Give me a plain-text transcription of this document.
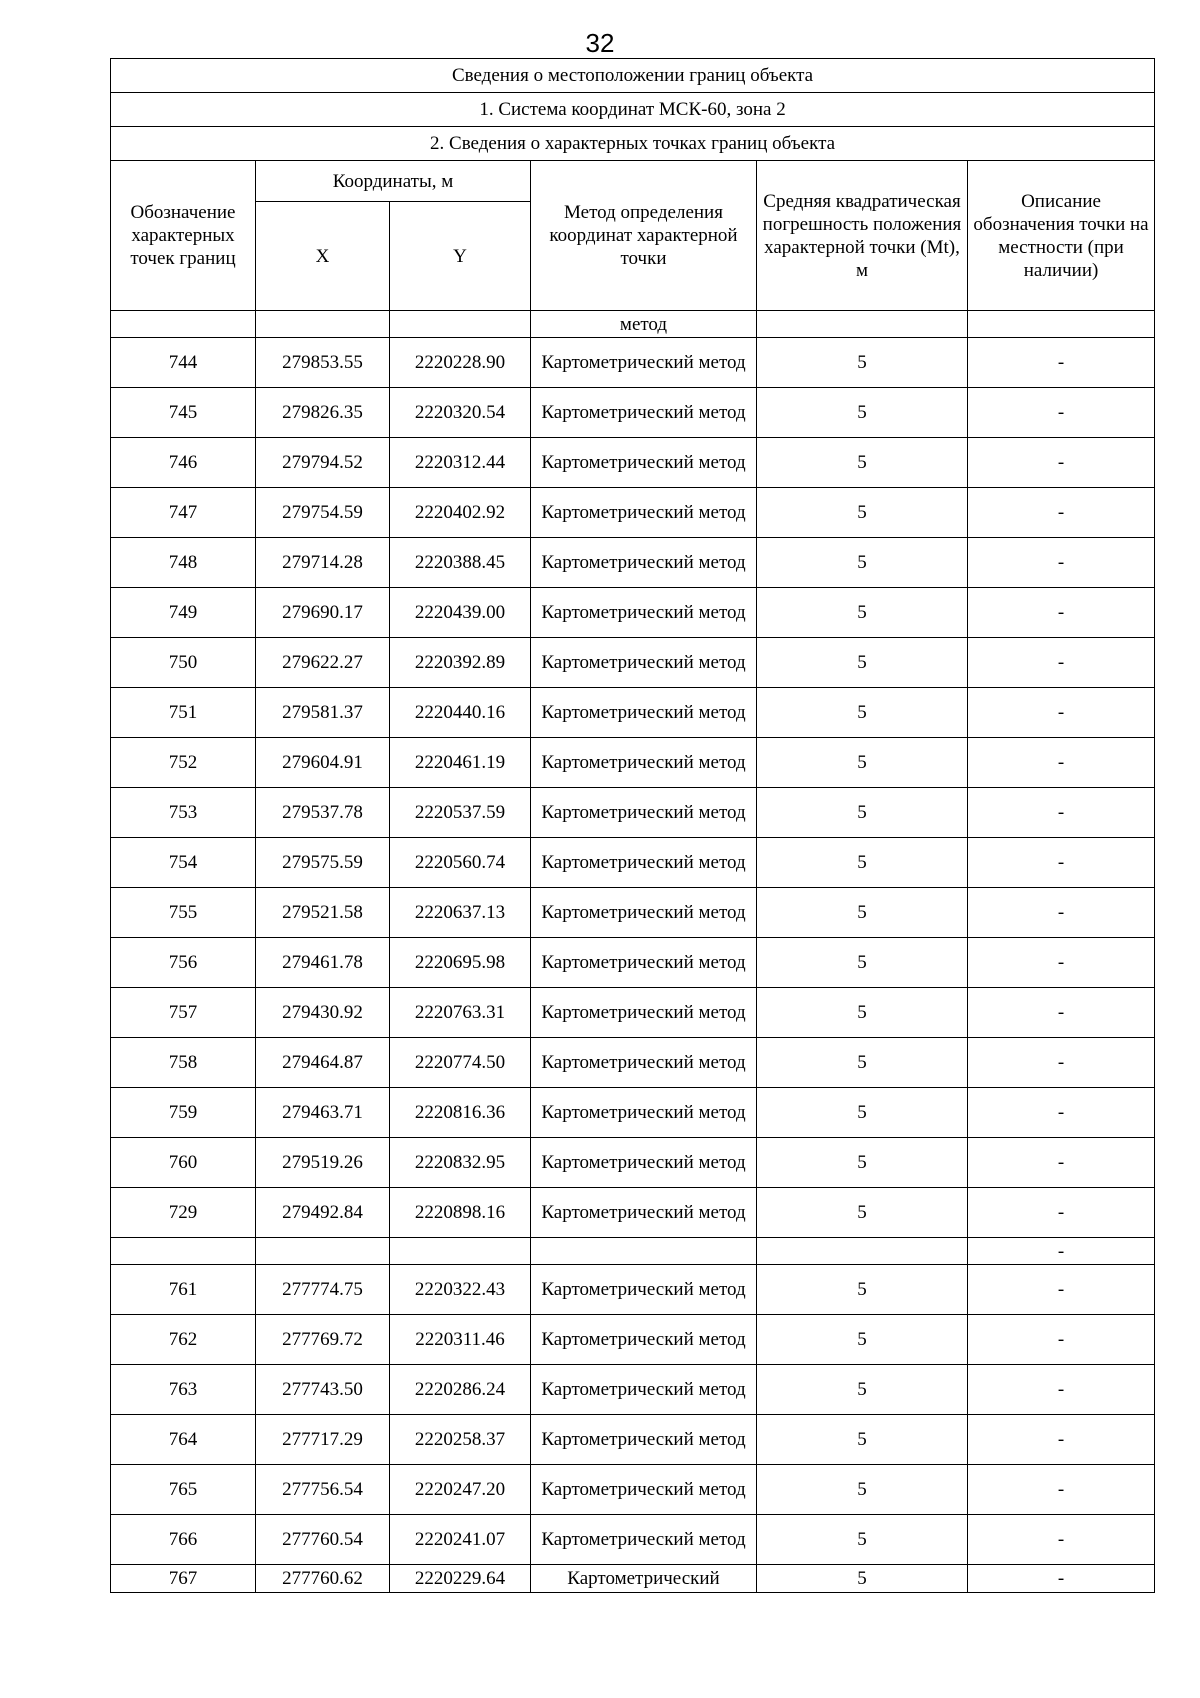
32
Сведения о местоположении границ объекта					
1. Система координат МСК-60, зона 2					
2. Сведения о характерных точках границ объекта					
Обозначение характерных точек границ	Координаты, м		Метод определения координат характерной точки	Средняя квадратическая погрешность положения характерной точки (Mt), м	Описание обозначения точки на местности (при наличии)
	X	Y			
			метод		
744	279853.55	2220228.90	Картометрический метод	5	-
745	279826.35	2220320.54	Картометрический метод	5	-
746	279794.52	2220312.44	Картометрический метод	5	-
747	279754.59	2220402.92	Картометрический метод	5	-
748	279714.28	2220388.45	Картометрический метод	5	-
749	279690.17	2220439.00	Картометрический метод	5	-
750	279622.27	2220392.89	Картометрический метод	5	-
751	279581.37	2220440.16	Картометрический метод	5	-
752	279604.91	2220461.19	Картометрический метод	5	-
753	279537.78	2220537.59	Картометрический метод	5	-
754	279575.59	2220560.74	Картометрический метод	5	-
755	279521.58	2220637.13	Картометрический метод	5	-
756	279461.78	2220695.98	Картометрический метод	5	-
757	279430.92	2220763.31	Картометрический метод	5	-
758	279464.87	2220774.50	Картометрический метод	5	-
759	279463.71	2220816.36	Картометрический метод	5	-
760	279519.26	2220832.95	Картометрический метод	5	-
729	279492.84	2220898.16	Картометрический метод	5	-
					-
761	277774.75	2220322.43	Картометрический метод	5	-
762	277769.72	2220311.46	Картометрический метод	5	-
763	277743.50	2220286.24	Картометрический метод	5	-
764	277717.29	2220258.37	Картометрический метод	5	-
765	277756.54	2220247.20	Картометрический метод	5	-
766	277760.54	2220241.07	Картометрический метод	5	-
767	277760.62	2220229.64	Картометрический	5	-
